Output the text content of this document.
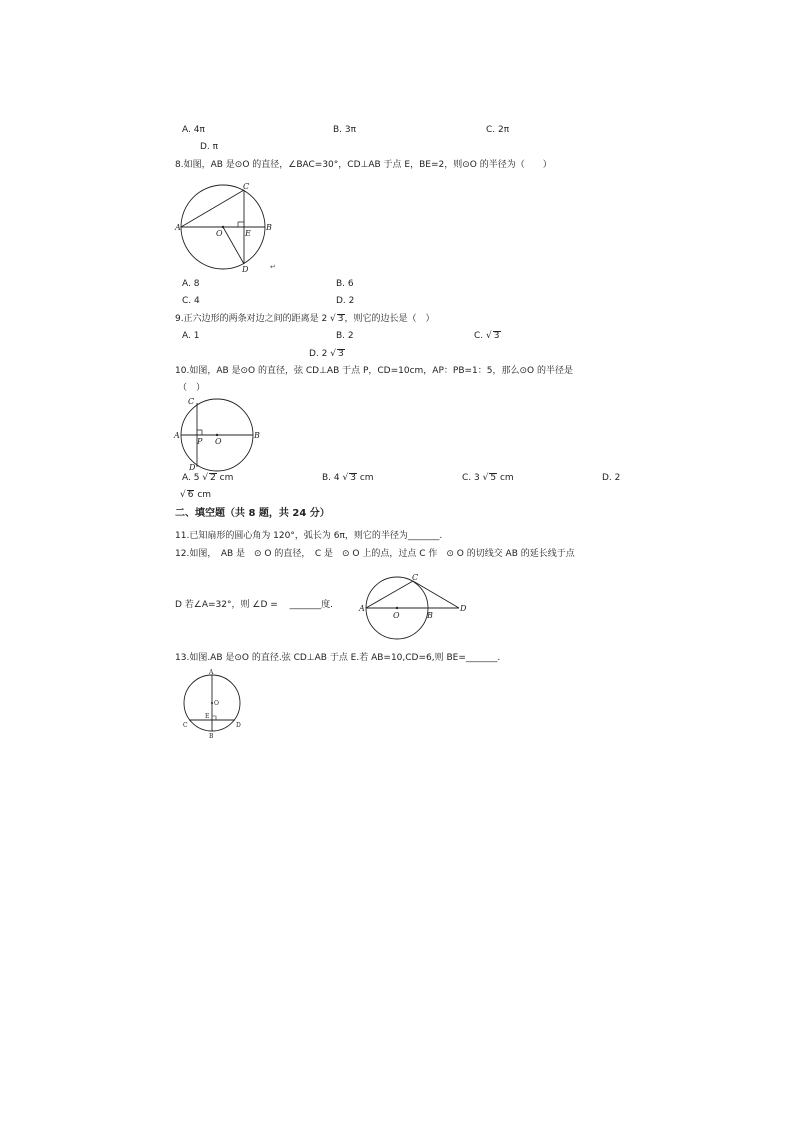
A. 4π	B. 3π	C. 2π
D. π
8.如图，AB 是⊙O 的直径，∠BAC=30°，CD⊥AB 于点 E，BE=2，则⊙O 的半径为（　　）
A	B
C
D
O	E
↵
A. 8	B. 6
C. 4	D. 2
9.正六边形的两条对边之间的距离是 2 √ 3，则它的边长是（　）
A. 1	B. 2	C. √ 3
D. 2 √ 3
10.如图，AB 是⊙O 的直径，弦 CD⊥AB 于点 P，CD=10cm，AP：PB=1：5，那么⊙O 的半径是
（　）
A	B
C
D
O
P
A. 5 √ 2 cm	B. 4 √ 3 cm	C. 3 √ 5 cm	D. 2
√ 6 cm
二、填空题（共 8 题，共 24 分）
11.已知扇形的圆心角为 120°，弧长为 6π，则它的半径为_______.
12.如图，　AB 是　⊙ O 的直径，　C 是　⊙ O 上的点，过点 C 作　⊙ O 的切线交 AB 的延长线于点
D 若∠A=32°，则 ∠D =　 _______度.	A
B
C
D
O
13.如图.AB 是⊙O 的直径.弦 CD⊥AB 于点 E.若 AB=10,CD=6,则 BE=_______.
A
B
C	D
O
E
